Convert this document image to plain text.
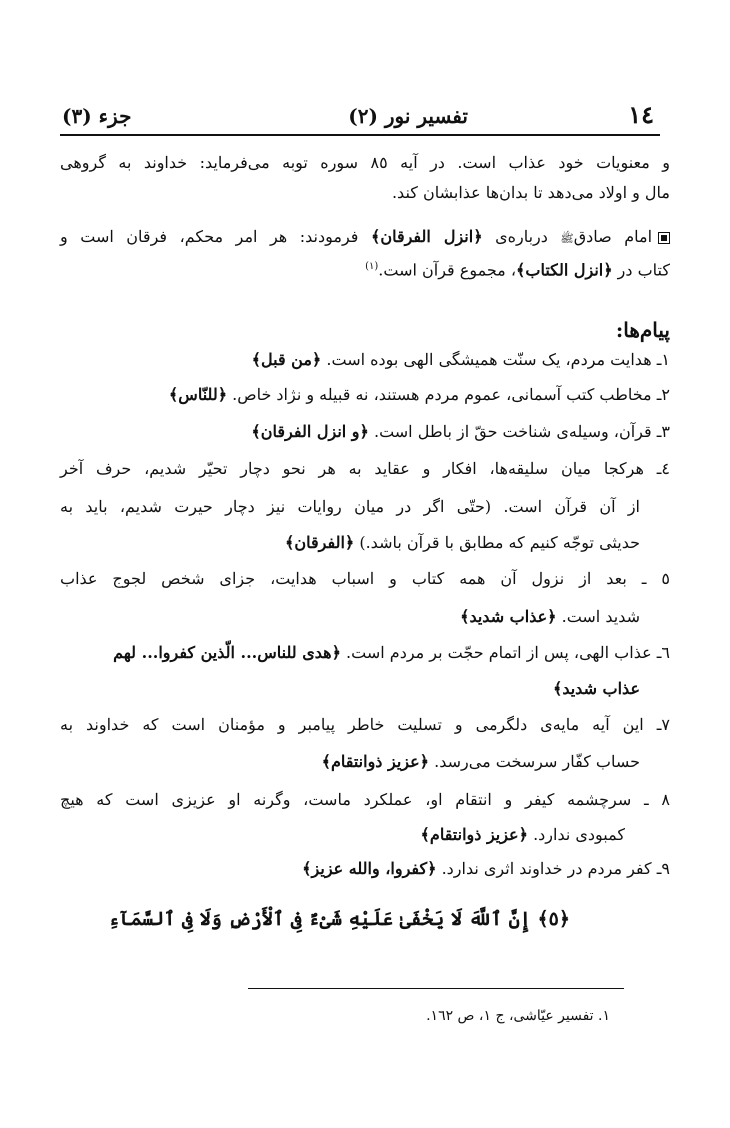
١٤
تفسیر نور (٢)
جزء (٣)
و معنویات خود عذاب است. در آیه ٨٥ سوره توبه می‌فرماید: خداوند به گروهی
مال و اولاد می‌دهد تا بدان‌ها عذابشان کند.
امام صادقﷺ درباره‌ی ﴿انزل الفرقان﴾ فرمودند: هر امر محکم، فرقان است و
کتاب در ﴿انزل الكتاب﴾، مجموع قرآن است.$^{(١)}$
پیام‌ها:
١ـ هدایت مردم، یک سنّت همیشگی الهی بوده است. ﴿من قبل﴾
٢ـ مخاطب کتب آسمانی، عموم مردم هستند، نه قبیله و نژاد خاص. ﴿للنّاس﴾
٣ـ قرآن، وسیله‌ی شناخت حقّ از باطل است. ﴿و انزل الفرقان﴾
٤ـ هرکجا میان سلیقه‌ها، افکار و عقاید به هر نحو دچار تحیّر شدیم، حرف آخر
از آن قرآن است. (حتّی اگر در میان روایات نیز دچار حیرت شدیم، باید به
حدیثی توجّه کنیم که مطابق با قرآن باشد.) ﴿الفرقان﴾
٥ ـ بعد از نزول آن همه کتاب و اسباب هدایت، جزای شخص لجوج عذاب
شدید است. ﴿عذاب شدید﴾
٦ـ عذاب الهی، پس از اتمام حجّت بر مردم است. ﴿هدی للناس... الّذین کفروا... لهم
عذاب شدید﴾
٧ـ این آیه مایه‌ی دلگرمی و تسلیت خاطر پیامبر و مؤمنان است که خداوند به
حساب کفّار سرسخت می‌رسد. ﴿عزیز ذوانتقام﴾
٨ ـ سرچشمه کیفر و انتقام او، عملکرد ماست، وگرنه او عزیزی است که هیچ
کمبودی ندارد. ﴿عزیز ذوانتقام﴾
٩ـ کفر مردم در خداوند اثری ندارد. ﴿کفروا، والله عزیز﴾
﴿٥﴾ إِنَّ ٱللَّهَ لَا يَخْفَىٰ عَلَيْهِ شَىْءٌ فِى ٱلْأَرْضِ وَلَا فِى ٱلسَّمَآءِ
١. تفسیر عیّاشی، ج ١، ص ١٦٢.
